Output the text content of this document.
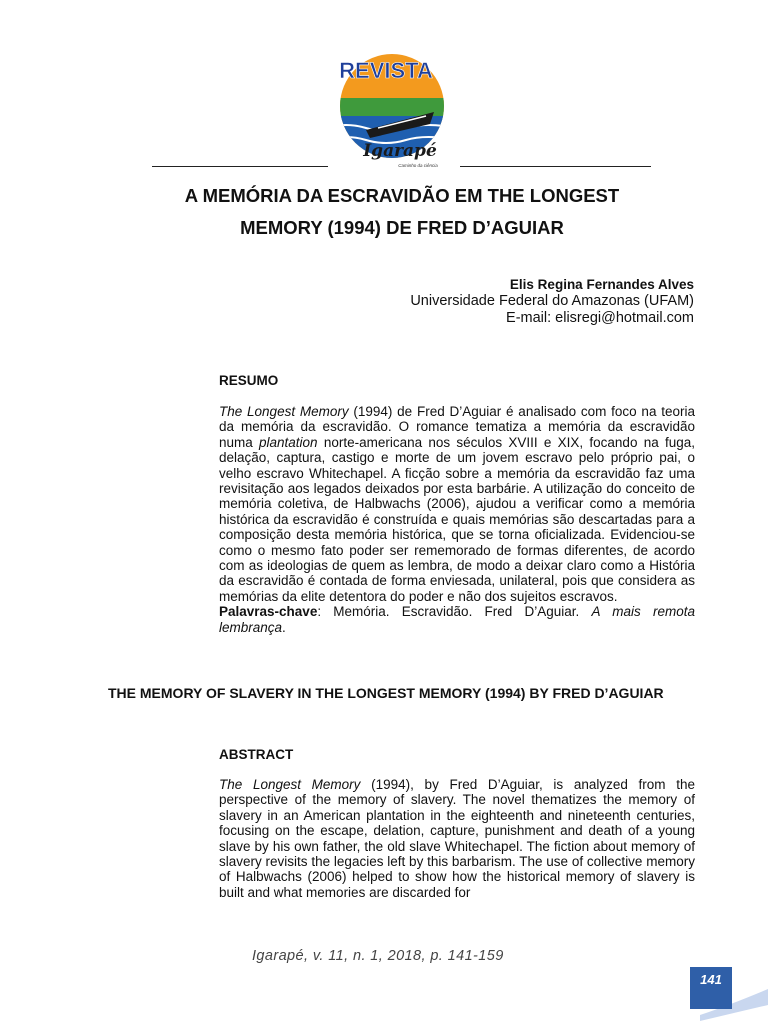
REVISTA
Igarapé
Caminho da ciência
A MEMÓRIA DA ESCRAVIDÃO EM THE LONGEST
MEMORY (1994) DE FRED D’AGUIAR
Elis Regina Fernandes Alves
Universidade Federal do Amazonas (UFAM)
E-mail: elisregi@hotmail.com
RESUMO

The Longest Memory (1994) de Fred D’Aguiar é analisado com foco na teoria da memória da escravidão. O romance tematiza a memória da escravidão numa plantation norte-americana nos séculos XVIII e XIX, focando na fuga, delação, captura, castigo e morte de um jovem escravo pelo próprio pai, o velho escravo Whitechapel. A ficção sobre a memória da escravidão faz uma revisitação aos legados deixados por esta barbárie. A utilização do conceito de memória coletiva, de Halbwachs (2006), ajudou a verificar como a memória histórica da escravidão é construída e quais memórias são descartadas para a composição desta memória histórica, que se torna oficializada. Evidenciou-se como o mesmo fato poder ser rememorado de formas diferentes, de acordo com as ideologias de quem as lembra, de modo a deixar claro como a História da escravidão é contada de forma enviesada, unilateral, pois que considera as memórias da elite detentora do poder e não dos sujeitos escravos.
Palavras-chave: Memória. Escravidão. Fred D’Aguiar. A mais remota lembrança.

THE MEMORY OF SLAVERY IN THE LONGEST MEMORY (1994) BY FRED D’AGUIAR
ABSTRACT

The Longest Memory (1994), by Fred D’Aguiar, is analyzed from the perspective of the memory of slavery. The novel thematizes the memory of slavery in an American plantation in the eighteenth and nineteenth centuries, focusing on the escape, delation, capture, punishment and death of a young slave by his own father, the old slave Whitechapel. The fiction about memory of slavery revisits the legacies left by this barbarism. The use of collective memory of Halbwachs (2006) helped to show how the historical memory of slavery is built and what memories are discarded for

Igarapé, v. 11, n. 1, 2018, p. 141-159
141
